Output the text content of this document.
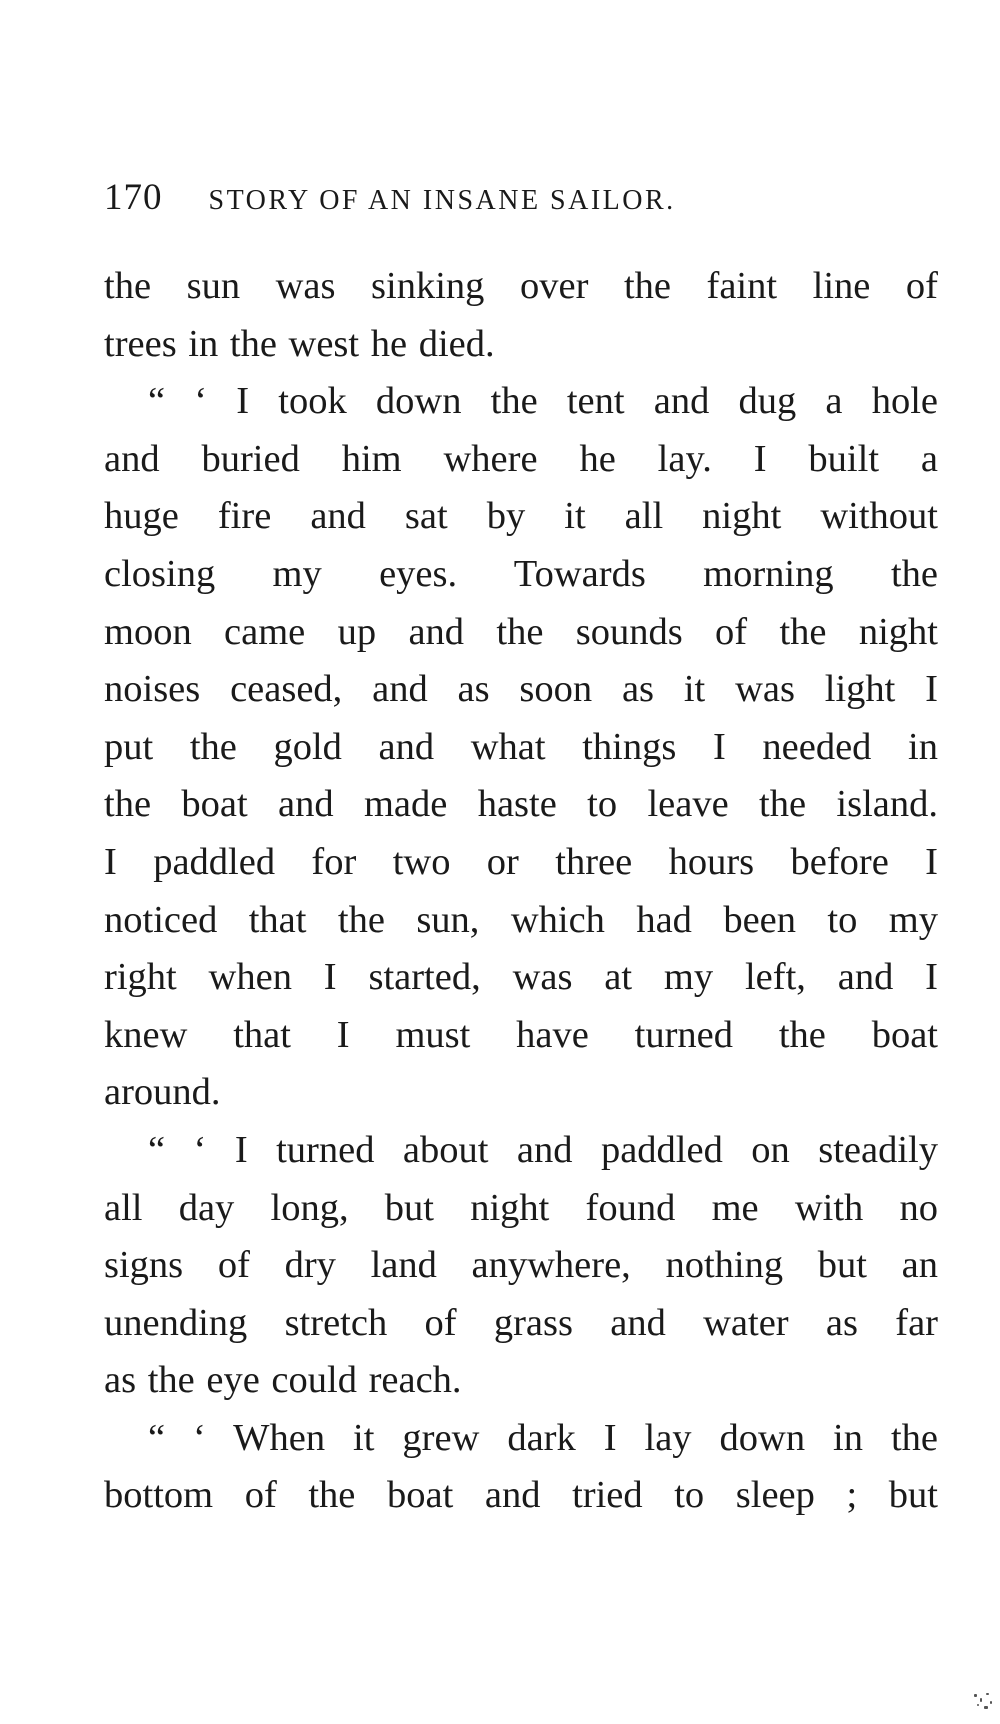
170 STORY OF AN INSANE SAILOR.
the sun was sinking over the faint line of
trees in the west he died.
“ ‘ I took down the tent and dug a hole
and buried him where he lay. I built a
huge fire and sat by it all night without
closing my eyes. Towards morning the
moon came up and the sounds of the night
noises ceased, and as soon as it was light I
put the gold and what things I needed in
the boat and made haste to leave the island.
I paddled for two or three hours before I
noticed that the sun, which had been to my
right when I started, was at my left, and I
knew that I must have turned the boat
around.
“ ‘ I turned about and paddled on steadily
all day long, but night found me with no
signs of dry land anywhere, nothing but an
unending stretch of grass and water as far
as the eye could reach.
“ ‘ When it grew dark I lay down in the
bottom of the boat and tried to sleep ; but
